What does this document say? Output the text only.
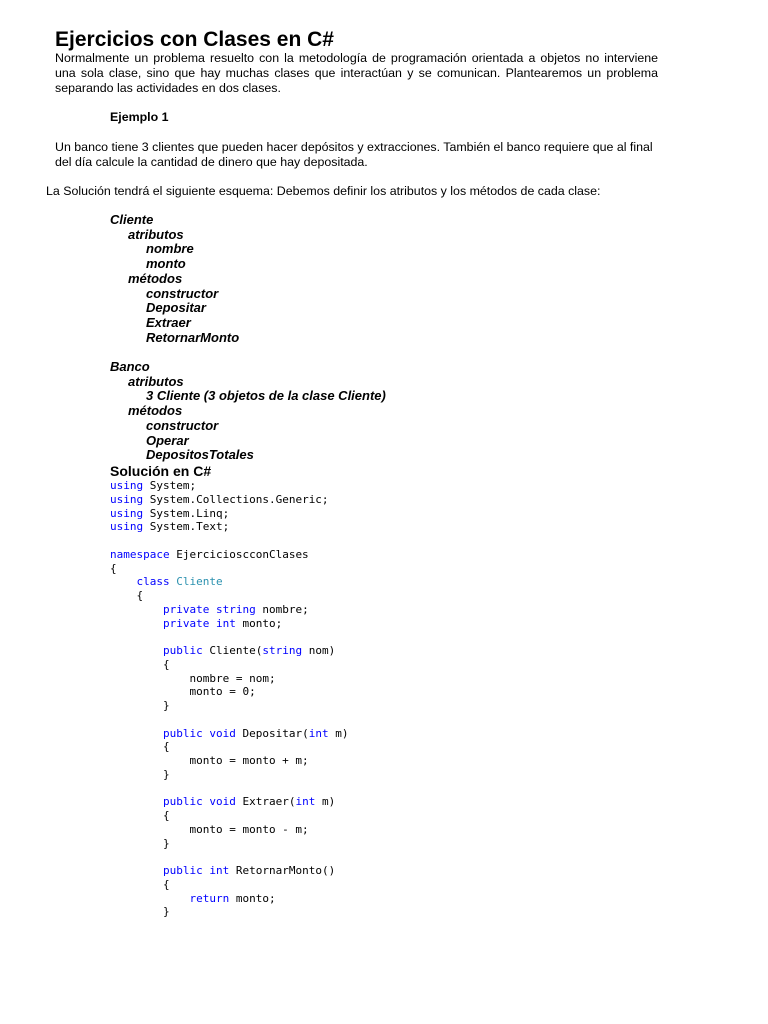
Ejercicios con Clases en C#

Normalmente un problema resuelto con la metodología de programación orientada a objetos no interviene una sola clase, sino que hay muchas clases que interactúan y se comunican. Plantearemos un problema separando las actividades en dos clases.

Ejemplo 1

Un banco tiene 3 clientes que pueden hacer depósitos y extracciones. También el banco requiere que al final del día calcule la cantidad de dinero que hay depositada.

La Solución tendrá el siguiente esquema: Debemos definir los atributos y los métodos de cada clase:

Cliente
atributos
nombre
monto
métodos
constructor
Depositar
Extraer
RetornarMonto
Banco
atributos
3 Cliente (3 objetos de la clase Cliente)
métodos
constructor
Operar
DepositosTotales

Solución en C#

using System;
using System.Collections.Generic;
using System.Linq;
using System.Text;

namespace EjercicioscconClases
{
class Cliente
{
private string nombre;
private int monto;

public Cliente(string nom)
{
nombre = nom;
monto = 0;
}

public void Depositar(int m)
{
monto = monto + m;
}

public void Extraer(int m)
{
monto = monto - m;
}

public int RetornarMonto()
{
return monto;
}
